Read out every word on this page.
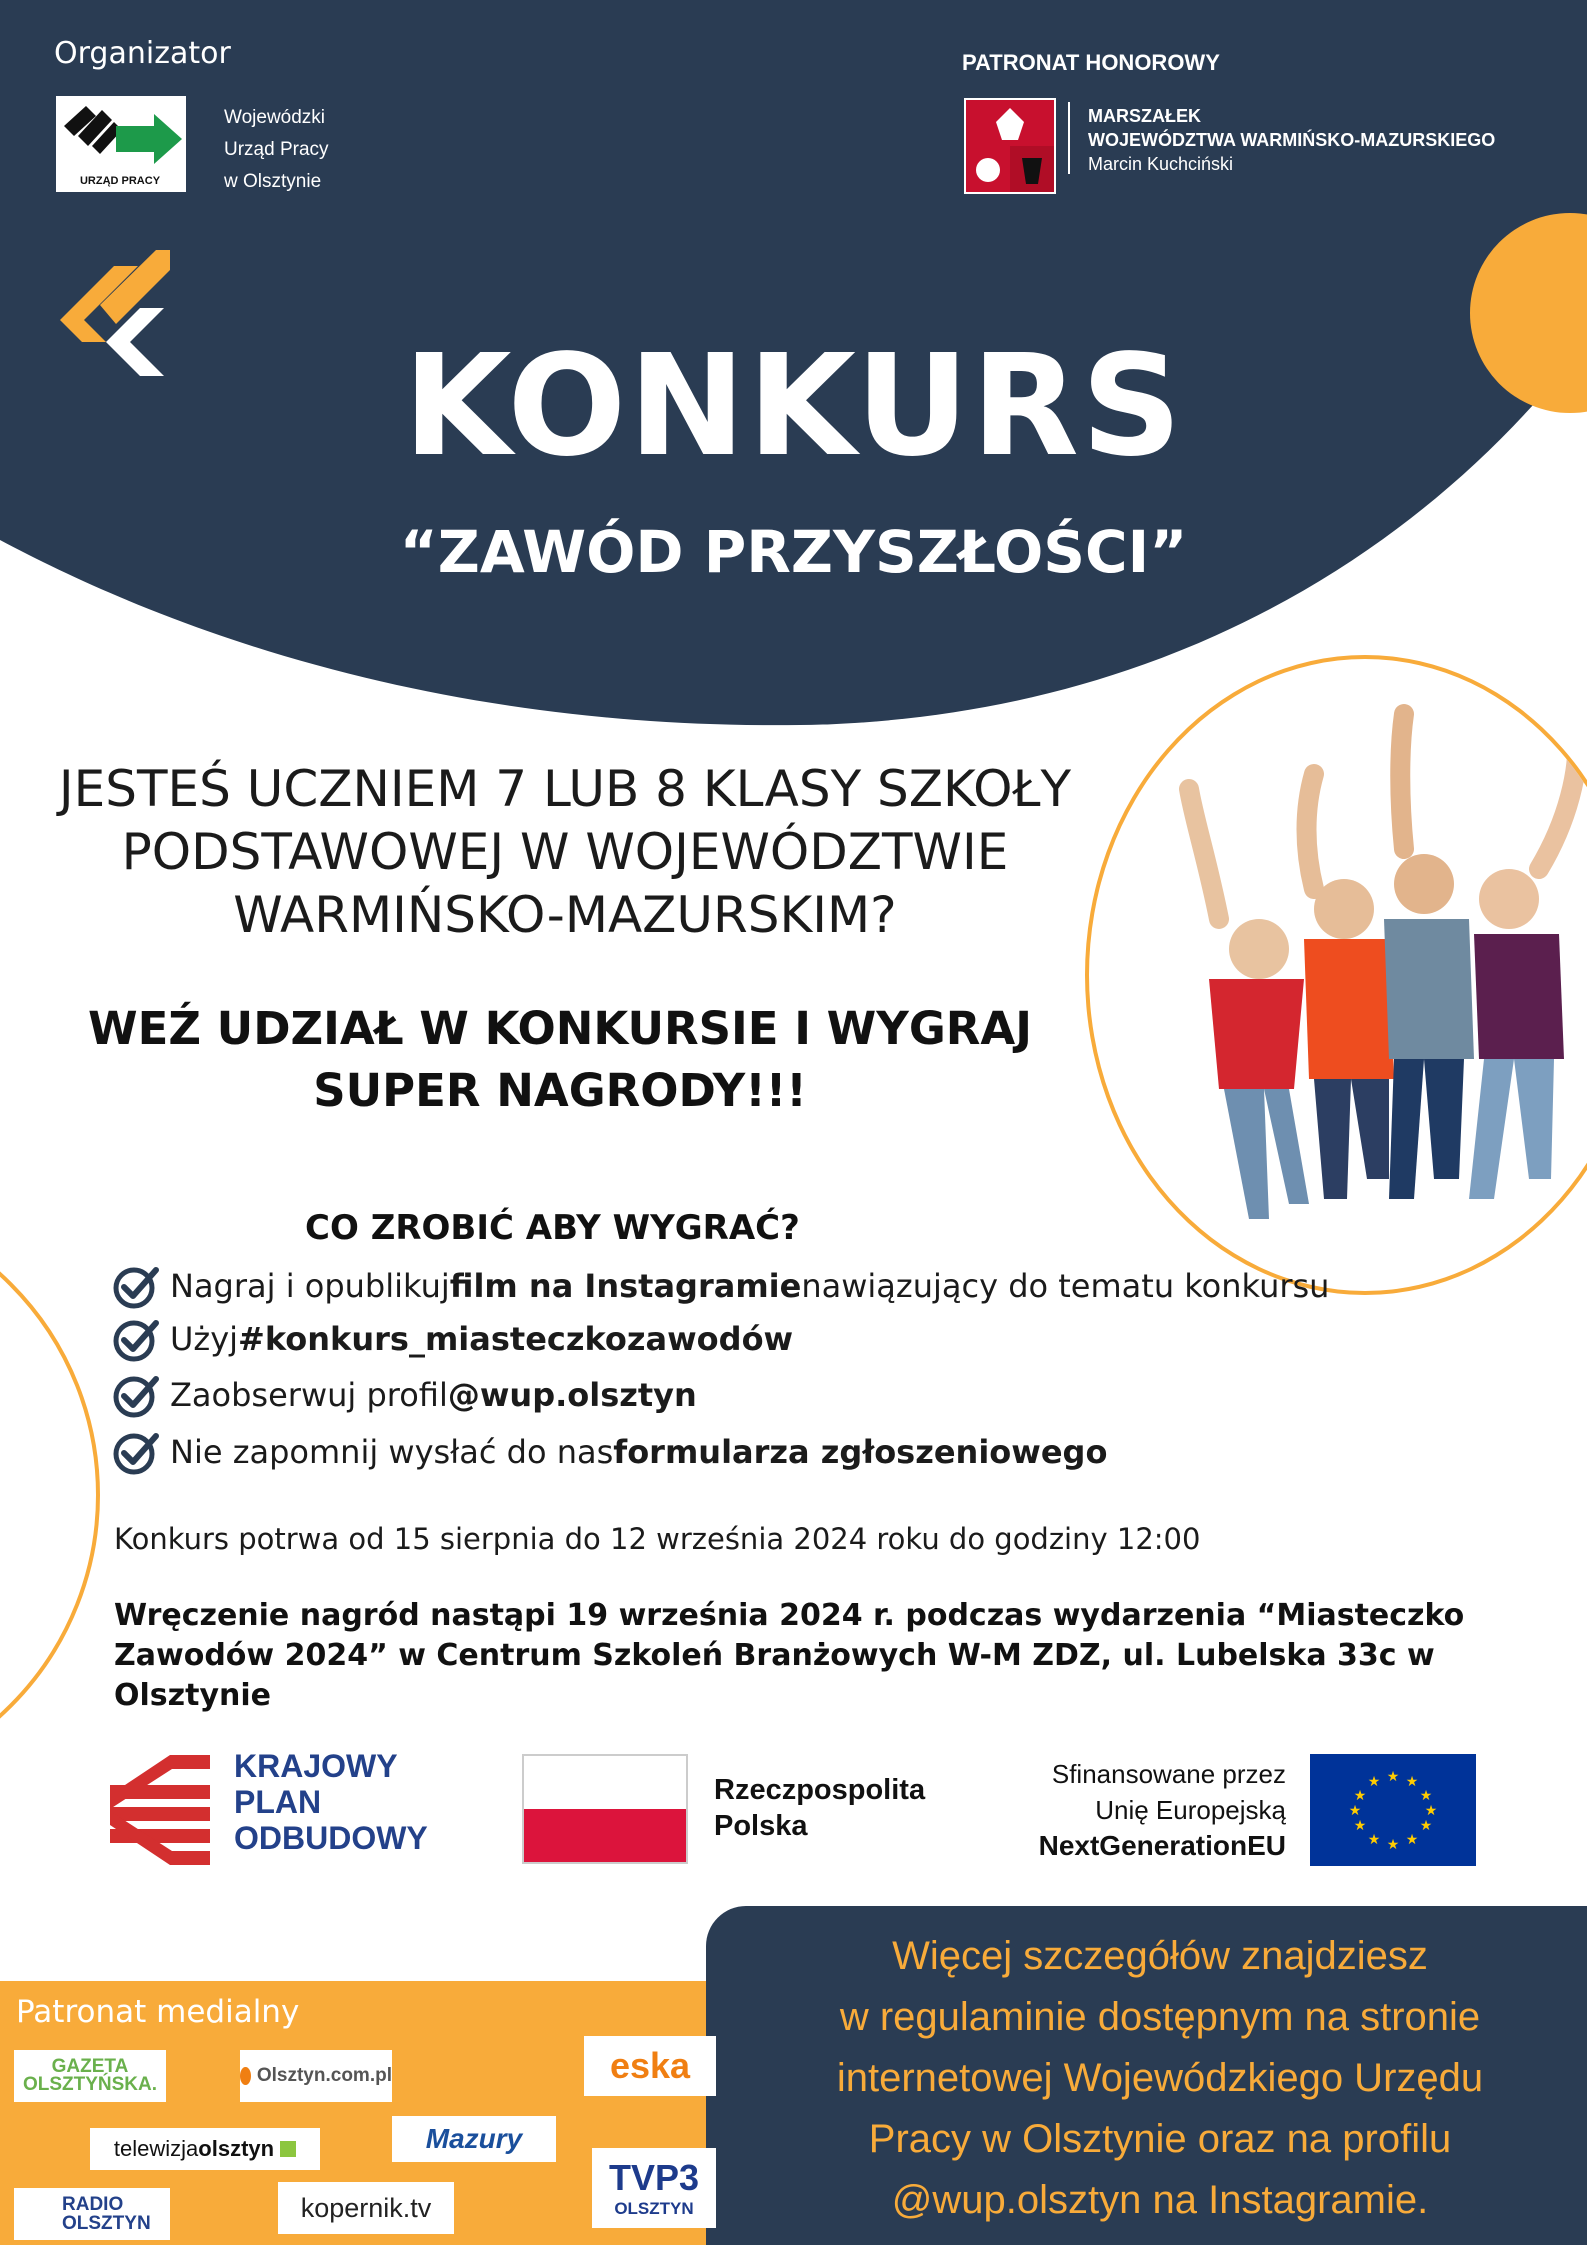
Organizator
URZĄD PRACY
Wojewódzki
Urząd Pracy
w Olsztynie
PATRONAT HONOROWY
MARSZAŁEK
WOJEWÓDZTWA WARMIŃSKO-MAZURSKIEGO
Marcin Kuchciński
KONKURS
“ZAWÓD PRZYSZŁOŚCI”
JESTEŚ UCZNIEM 7 LUB 8 KLASY SZKOŁY
PODSTAWOWEJ W WOJEWÓDZTWIE
WARMIŃSKO-MAZURSKIM?
WEŹ UDZIAŁ W KONKURSIE I WYGRAJ
SUPER NAGRODY!!!
CO ZROBIĆ ABY WYGRAĆ?
Nagraj i opublikuj film na Instagramie nawiązujący do tematu konkursu
Użyj #konkurs_miasteczkozawodów
Zaobserwuj profil @wup.olsztyn
Nie zapomnij wysłać do nas formularza zgłoszeniowego
Konkurs potrwa od 15 sierpnia do 12 września 2024 roku do godziny 12:00
Wręczenie nagród nastąpi 19 września 2024 r. podczas wydarzenia “Miasteczko Zawodów 2024” w Centrum Szkoleń Branżowych W-M ZDZ, ul. Lubelska 33c w Olsztynie
KRAJOWY
PLAN
ODBUDOWY
Rzeczpospolita
Polska
Sfinansowane przez
Unię Europejską
NextGenerationEU
★ ★
★
★
★
★
★
★
★
★
★
★
Patronat medialny
GAZETA
OLSZTYŃSKA.	Olsztyn.com.pl	eska
telewizja olsztyn	Mazury
RADIO
OLSZTYN
kopernik.tv
TVP3
OLSZTYN
Więcej szczegółów znajdziesz
w regulaminie dostępnym na stronie
internetowej Wojewódzkiego Urzędu
Pracy w Olsztynie oraz na profilu
@wup.olsztyn na Instagramie.
